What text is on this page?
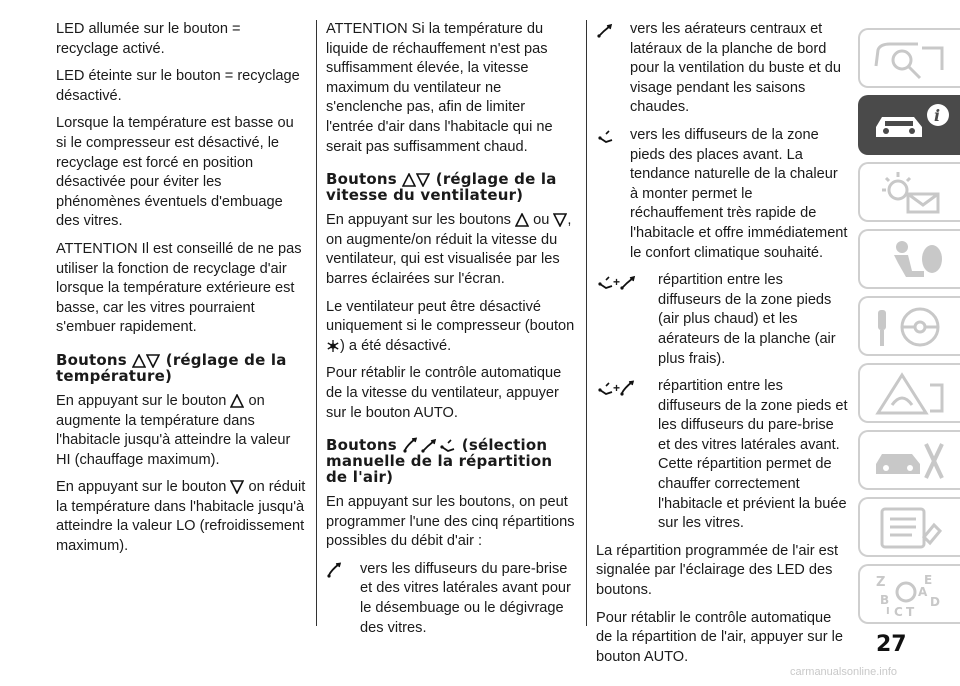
LED allumée sur le bouton = recyclage activé.

LED éteinte sur le bouton = recyclage désactivé.

Lorsque la température est basse ou si le compresseur est désactivé, le recyclage est forcé en position désactivée pour éviter les phénomènes éventuels d'embuage des vitres.

ATTENTION Il est conseillé de ne pas utiliser la fonction de recyclage d'air lorsque la température extérieure est basse, car les vitres pourraient s'embuer rapidement.

Boutons	(réglage de la température)

En appuyant sur le bouton on augmente la température dans l'habitacle jusqu'à atteindre la valeur HI (chauffage maximum).

En appuyant sur le bouton on réduit la température dans l'habitacle jusqu'à atteindre la valeur LO (refroidissement maximum).

ATTENTION Si la température du liquide de réchauffement n'est pas suffisamment élevée, la vitesse maximum du ventilateur ne s'enclenche pas, afin de limiter l'entrée d'air dans l'habitacle qui ne serait pas suffisamment chaud.

Boutons	(réglage de la vitesse du ventilateur)

En appuyant sur les boutons ou , on augmente/on réduit la vitesse du ventilateur, qui est visualisée par les barres éclairées sur l'écran.

Le ventilateur peut être désactivé uniquement si le compresseur (bouton
) a été désactivé.

Pour rétablir le contrôle automatique de la vitesse du ventilateur, appuyer sur le bouton AUTO.

Boutons	(sélection manuelle de la répartition de l'air)

En appuyant sur les boutons, on peut programmer l'une des cinq répartitions possibles du débit d'air :

vers les diffuseurs du pare-brise et des vitres latérales avant pour le désembuage ou le dégivrage des vitres.
vers les aérateurs centraux et latéraux de la planche de bord pour la ventilation du buste et du visage pendant les saisons chaudes.
vers les diffuseurs de la zone pieds des places avant. La tendance naturelle de la chaleur à monter permet le réchauffement très rapide de l'habitacle et offre immédiatement le confort climatique souhaité.
+	répartition entre les diffuseurs de la zone pieds (air plus chaud) et les aérateurs de la planche (air plus frais).
+	répartition entre les diffuseurs de la zone pieds et les diffuseurs du pare-brise et des vitres latérales avant. Cette répartition permet de chauffer correctement l'habitacle et prévient la buée sur les vitres.

La répartition programmée de l'air est signalée par l'éclairage des LED des boutons.

Pour rétablir le contrôle automatique de la répartition de l'air, appuyer sur le bouton AUTO.

i
Z	E
B
C T
D
A
I
27
carmanualsonline.info
